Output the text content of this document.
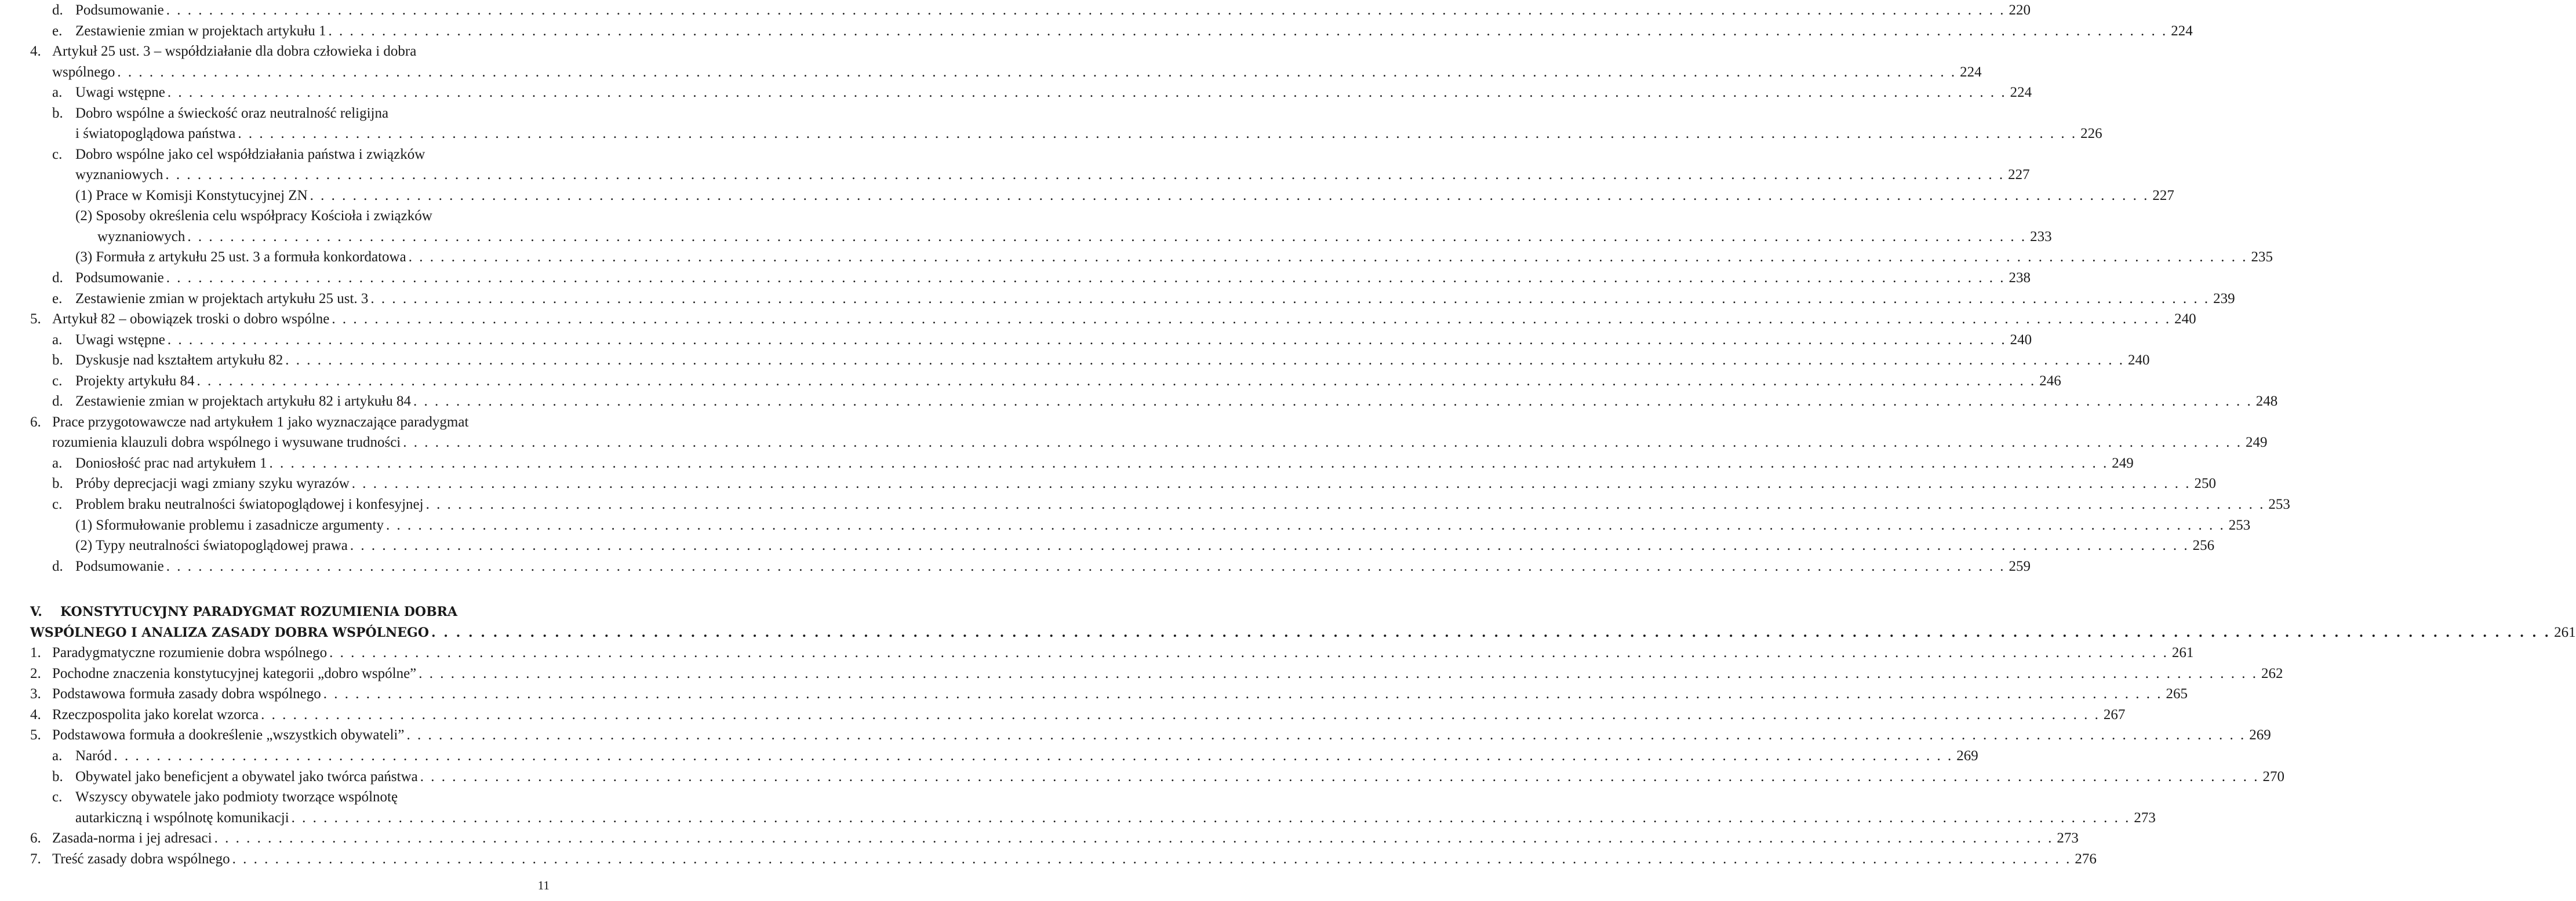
d. Podsumowanie . . .	220
e. Zestawienie zmian w projektach artykułu 1 . . .	224
4. Artykuł 25 ust. 3 – współdziałanie dla dobra człowieka i dobra
wspólnego . . .	224
a. Uwagi wstępne . . .	224
b. Dobro wspólne a świeckość oraz neutralność religijna
i światopoglądowa państwa . . .	226
c. Dobro wspólne jako cel współdziałania państwa i związków
wyznaniowych . . .	227
(1) Prace w Komisji Konstytucyjnej ZN . . .	227
(2) Sposoby określenia celu współpracy Kościoła i związków
wyznaniowych . . .	233
(3) Formuła z artykułu 25 ust. 3 a formuła konkordatowa . . .	235
d. Podsumowanie . . .	238
e. Zestawienie zmian w projektach artykułu 25 ust. 3 . . .	239
5. Artykuł 82 – obowiązek troski o dobro wspólne . . .	240
a. Uwagi wstępne . . .	240
b. Dyskusje nad kształtem artykułu 82 . . .	240
c. Projekty artykułu 84 . . .	246
d. Zestawienie zmian w projektach artykułu 82 i artykułu 84 . . .	248
6. Prace przygotowawcze nad artykułem 1 jako wyznaczające paradygmat
rozumienia klauzuli dobra wspólnego i wysuwane trudności . . .	249
a. Doniosłość prac nad artykułem 1 . . .	249
b. Próby deprecjacji wagi zmiany szyku wyrazów . . .	250
c. Problem braku neutralności światopoglądowej i konfesyjnej . . .	253
(1) Sformułowanie problemu i zasadnicze argumenty . . .	253
(2) Typy neutralności światopoglądowej prawa . . .	256
d. Podsumowanie . . .	259
V.	KONSTYTUCYJNY PARADYGMAT ROZUMIENIA DOBRA
WSPÓLNEGO I ANALIZA ZASADY DOBRA WSPÓLNEGO . . .	261
1. Paradygmatyczne rozumienie dobra wspólnego . . .	261
2. Pochodne znaczenia konstytucyjnej kategorii „dobro wspólne” . . .	262
3. Podstawowa formuła zasady dobra wspólnego . . .	265
4. Rzeczpospolita jako korelat wzorca . . .	267
5. Podstawowa formuła a dookreślenie „wszystkich obywateli” . . .	269
a. Naród . . .	269
b. Obywatel jako beneficjent a obywatel jako twórca państwa . . .	270
c. Wszyscy obywatele jako podmioty tworzące wspólnotę
autarkiczną i wspólnotę komunikacji . . .	273
6. Zasada-norma i jej adresaci . . .	273
7. Treść zasady dobra wspólnego . . .	276
11
